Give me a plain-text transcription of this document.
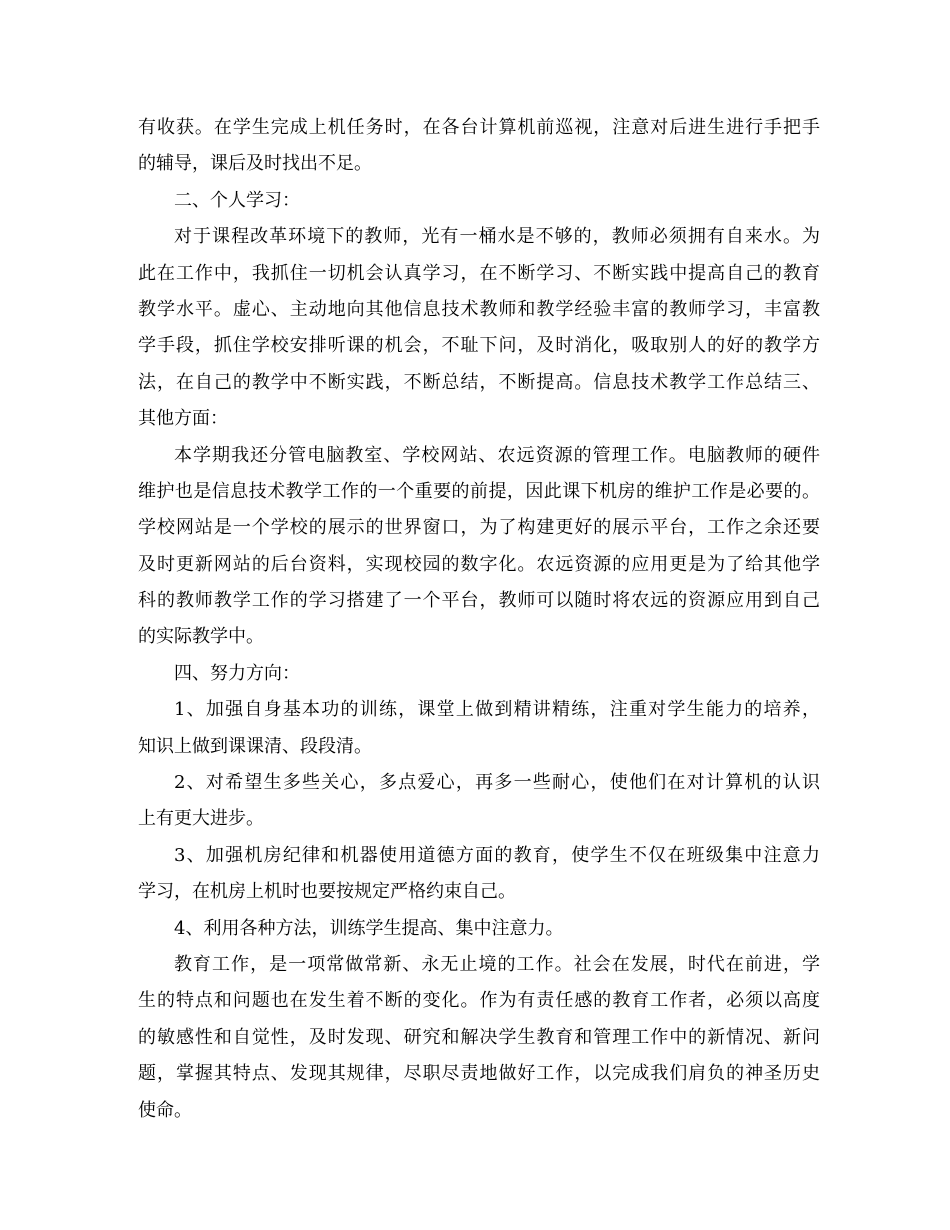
有收获。在学生完成上机任务时，在各台计算机前巡视，注意对后进生进行手把手
的辅导，课后及时找出不足。
二、个人学习：
对于课程改革环境下的教师，光有一桶水是不够的，教师必须拥有自来水。为
此在工作中，我抓住一切机会认真学习，在不断学习、不断实践中提高自己的教育
教学水平。虚心、主动地向其他信息技术教师和教学经验丰富的教师学习，丰富教
学手段，抓住学校安排听课的机会，不耻下问，及时消化，吸取别人的好的教学方
法，在自己的教学中不断实践，不断总结，不断提高。信息技术教学工作总结三、
其他方面：
本学期我还分管电脑教室、学校网站、农远资源的管理工作。电脑教师的硬件
维护也是信息技术教学工作的一个重要的前提，因此课下机房的维护工作是必要的。
学校网站是一个学校的展示的世界窗口，为了构建更好的展示平台，工作之余还要
及时更新网站的后台资料，实现校园的数字化。农远资源的应用更是为了给其他学
科的教师教学工作的学习搭建了一个平台，教师可以随时将农远的资源应用到自己
的实际教学中。
四、努力方向：
1、加强自身基本功的训练，课堂上做到精讲精练，注重对学生能力的培养，
知识上做到课课清、段段清。
2、对希望生多些关心，多点爱心，再多一些耐心，使他们在对计算机的认识
上有更大进步。
3、加强机房纪律和机器使用道德方面的教育，使学生不仅在班级集中注意力
学习，在机房上机时也要按规定严格约束自己。
4、利用各种方法，训练学生提高、集中注意力。
教育工作，是一项常做常新、永无止境的工作。社会在发展，时代在前进，学
生的特点和问题也在发生着不断的变化。作为有责任感的教育工作者，必须以高度
的敏感性和自觉性，及时发现、研究和解决学生教育和管理工作中的新情况、新问
题，掌握其特点、发现其规律，尽职尽责地做好工作，以完成我们肩负的神圣历史
使命。
